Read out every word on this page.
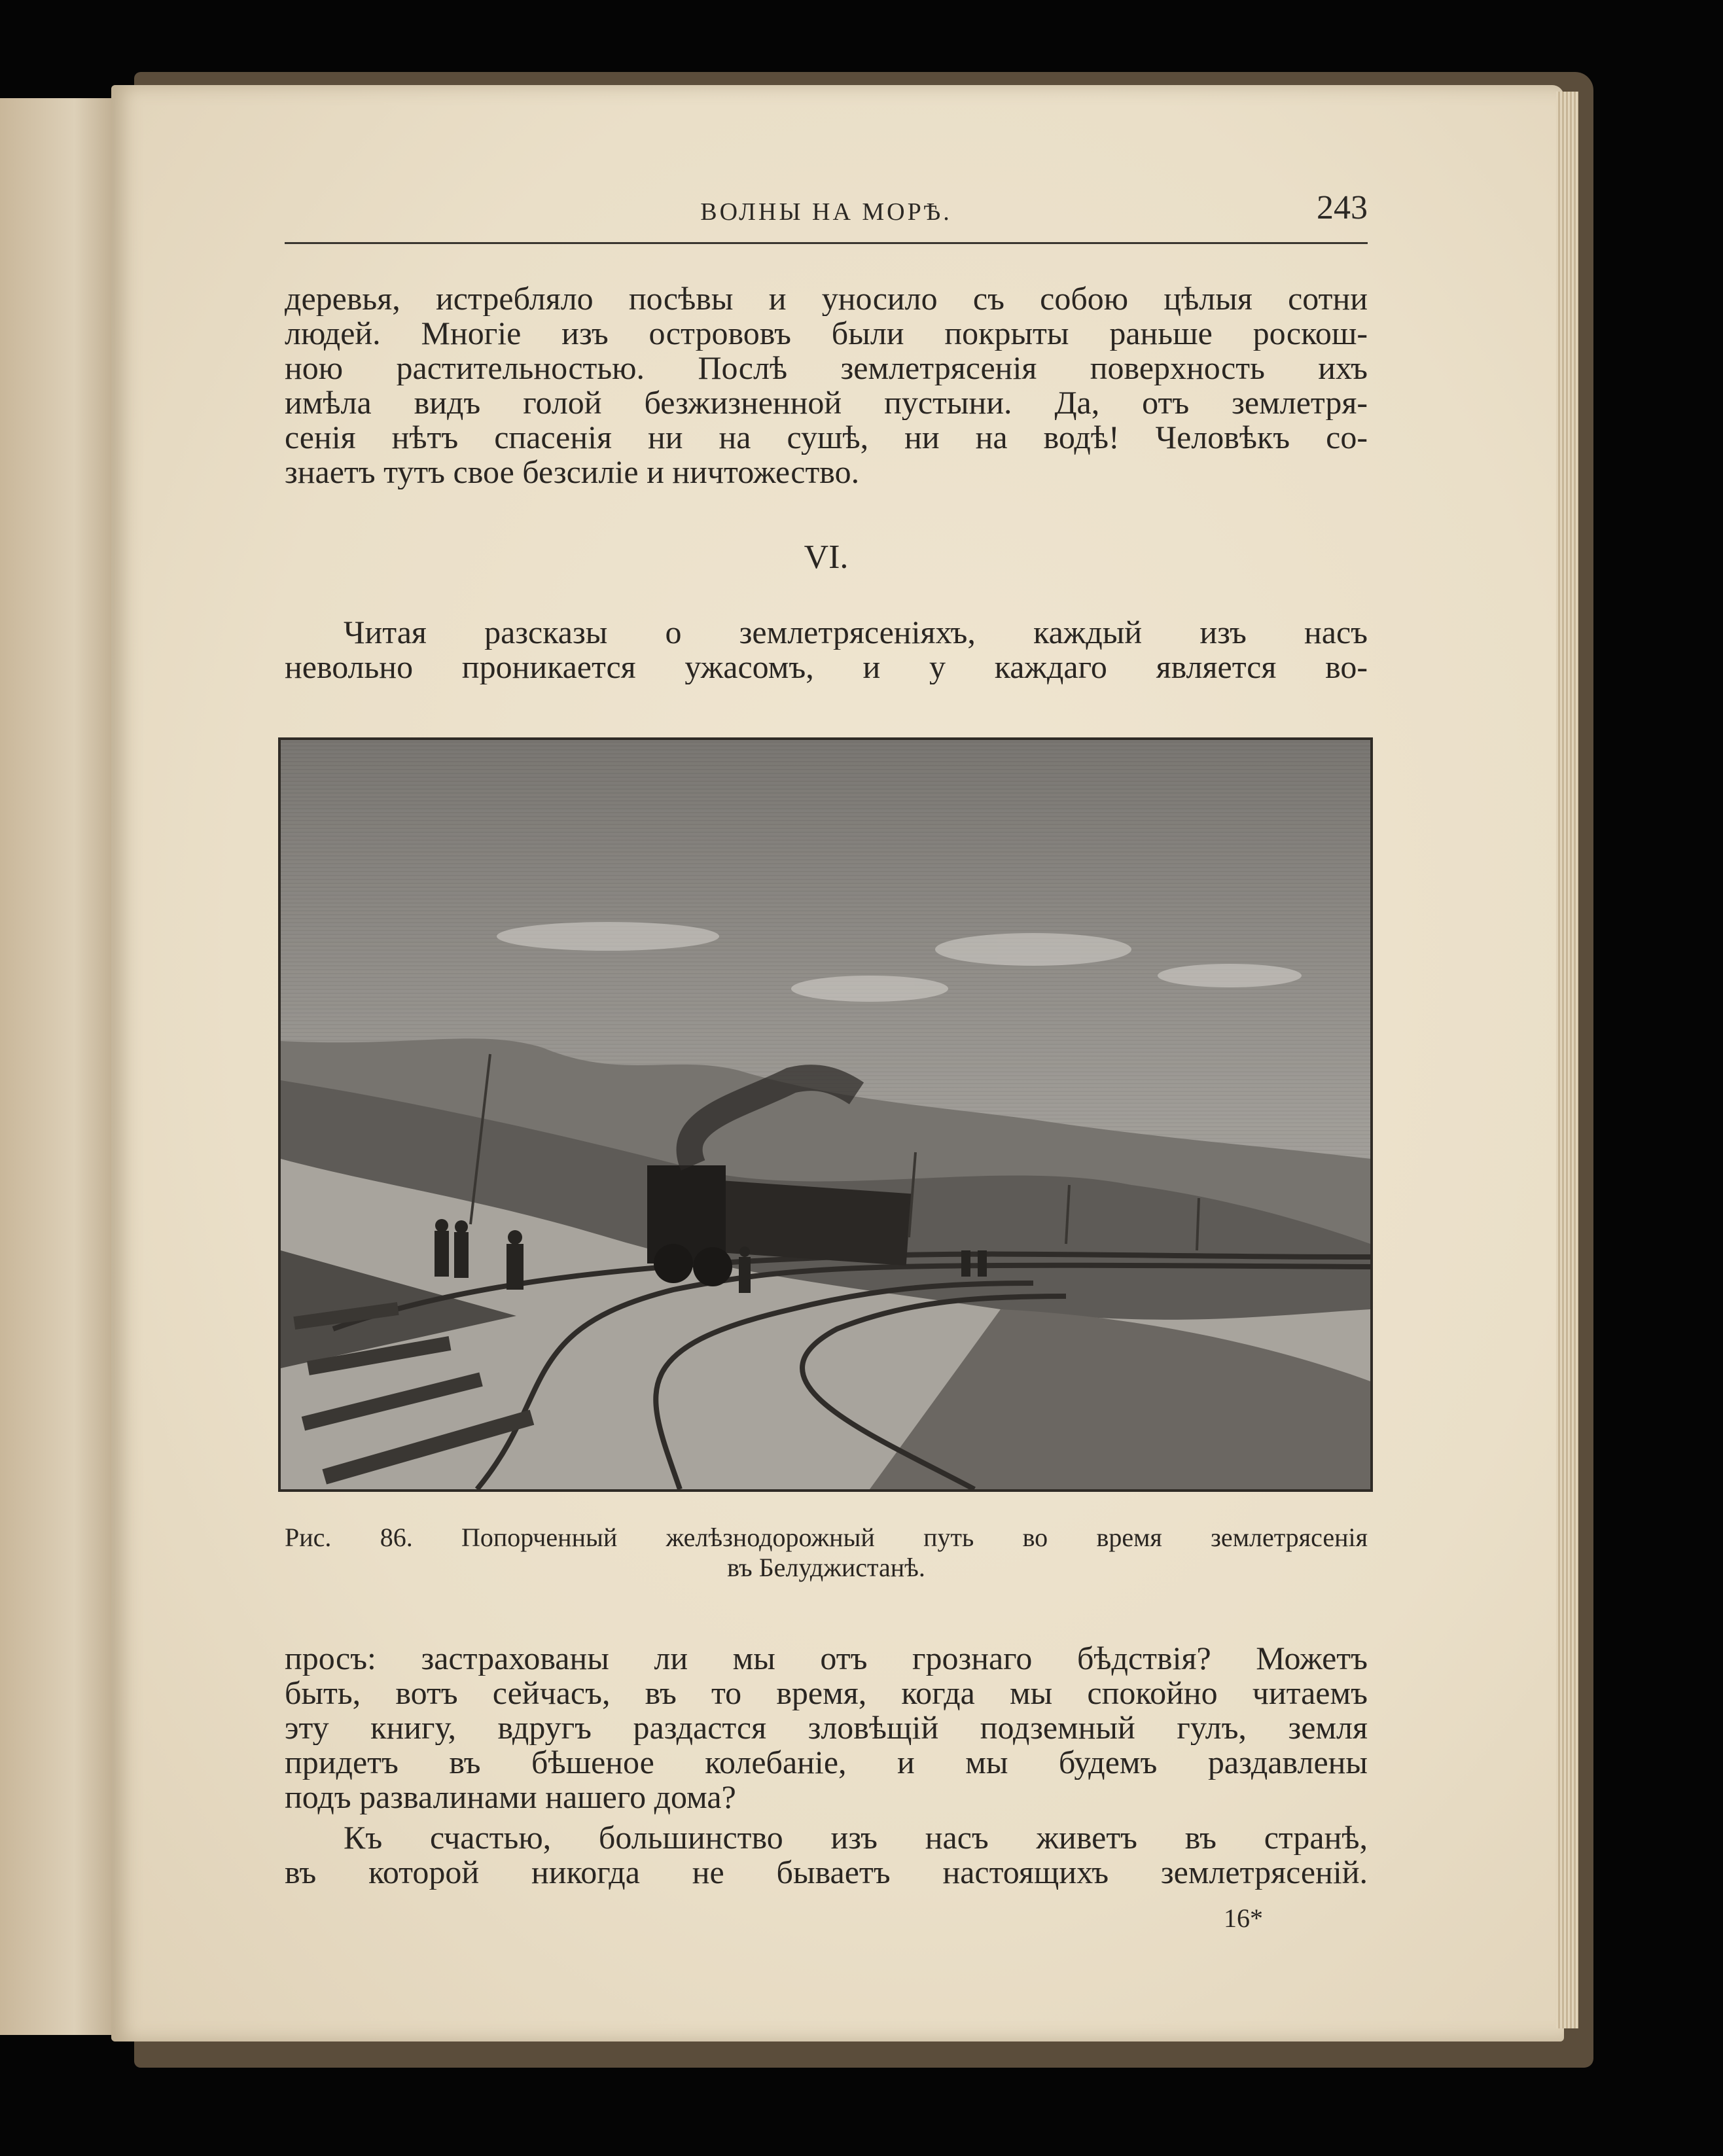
ВОЛНЫ НА МОРѢ.	243
деревья, истребляло посѣвы и уносило съ собою цѣлыя сотни
людей. Многіе изъ острововъ были покрыты раньше роскош-
ною растительностью. Послѣ землетрясенія поверхность ихъ
имѣла видъ голой безжизненной пустыни. Да, отъ землетря-
сенія нѣтъ спасенія ни на сушѣ, ни на водѣ! Человѣкъ со-
знаетъ тутъ свое безсиліе и ничтожество.
VI.
Читая разсказы о землетрясеніяхъ, каждый изъ насъ
невольно проникается ужасомъ, и у каждаго является во-
Рис. 86. Попорченный желѣзнодорожный путь во время землетрясенія
въ Белуджистанѣ.
просъ: застрахованы ли мы отъ грознаго бѣдствія? Можетъ
быть, вотъ сейчасъ, въ то время, когда мы спокойно читаемъ
эту книгу, вдругъ раздастся зловѣщій подземный гулъ, земля
придетъ въ бѣшеное колебаніе, и мы будемъ раздавлены
подъ развалинами нашего дома?
Къ счастью, большинство изъ насъ живетъ въ странѣ,
въ которой никогда не бываетъ настоящихъ землетрясеній.
16*
